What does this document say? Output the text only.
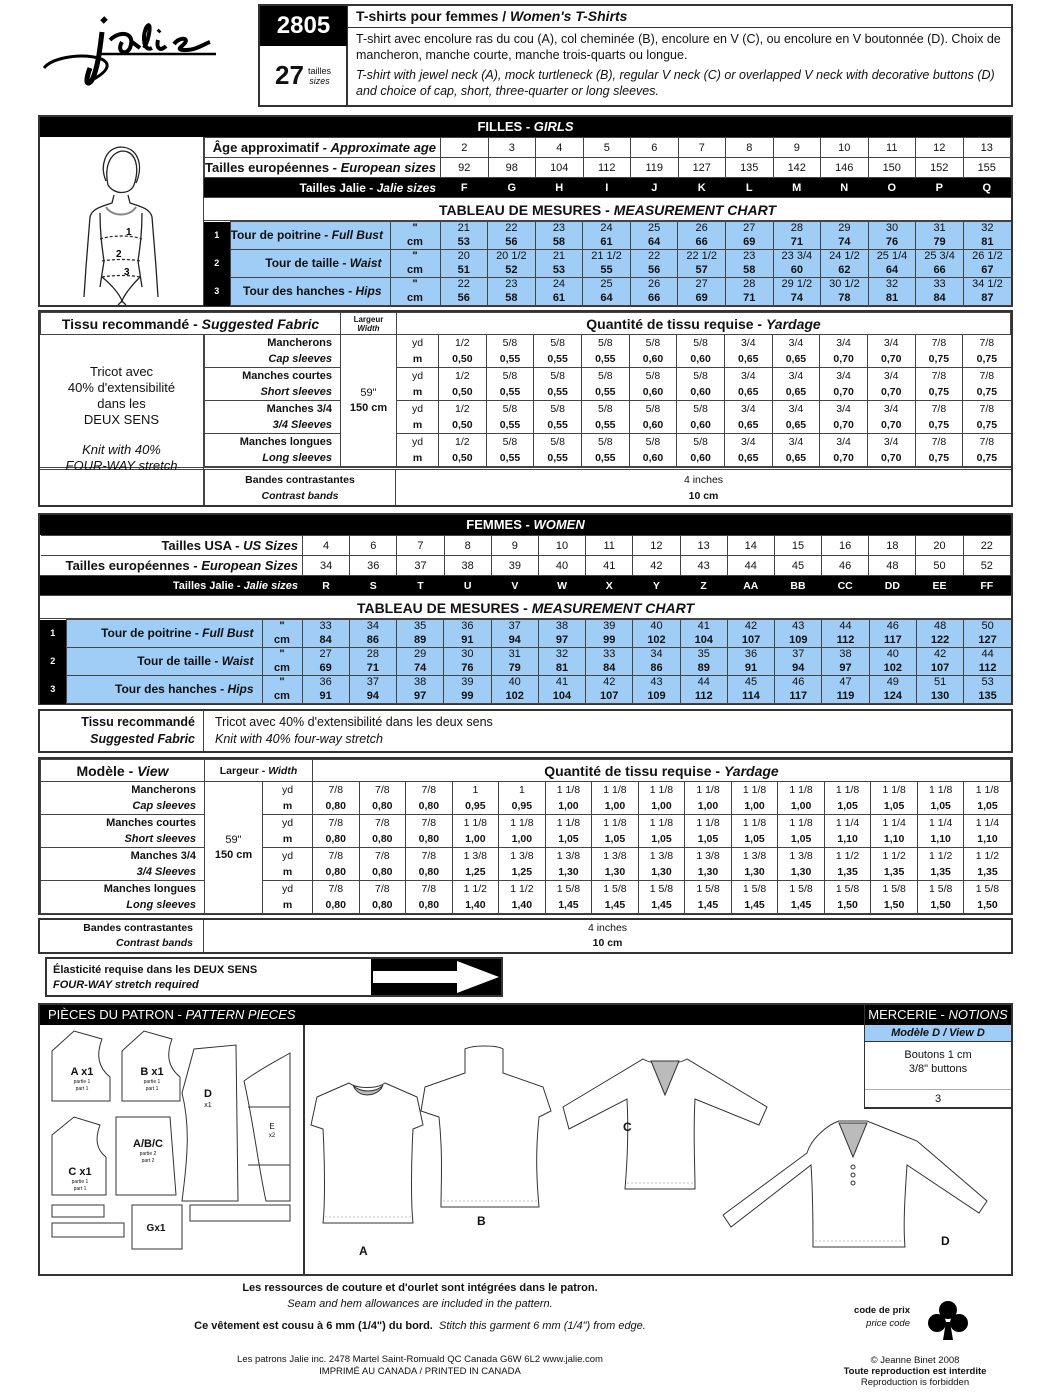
2805
27 tailles
sizes
T-shirts pour femmes / Women's T-Shirts

T-shirt avec encolure ras du cou (A), col cheminée (B), encolure en V (C), ou encolure en V boutonnée (D). Choix de mancheron, manche courte, manche trois-quarts ou longue.

T-shirt with jewel neck (A), mock turtleneck (B), regular V neck (C) or overlapped V neck with decorative buttons (D) and choice of cap, short, three-quarter or long sleeves.

FILLES - GIRLS
1
2
3
Âge approximatif - Approximate age	2	3	4	5	6	7	8	9	10	11	12	13
Tailles européennes - European sizes	92	98	104	112	119	127	135	142	146	150	152	155
Tailles Jalie - Jalie sizes	F	G	H	I	J	K	L	M	N	O	P	Q
TABLEAU DE MESURES - MEASUREMENT CHART
1	Tour de poitrine - Full Bust	"	21	22	23	24	25	26	27	28	29	30	31	32
		cm	53	56	58	61	64	66	69	71	74	76	79	81
2	Tour de taille - Waist	"	20	20 1/2	21	21 1/2	22	22 1/2	23	23 3/4	24 1/2	25 1/4	25 3/4	26 1/2
		cm	51	52	53	55	56	57	58	60	62	64	66	67
3	Tour des hanches - Hips	"	22	23	24	25	26	27	28	29 1/2	30 1/2	32	33	34 1/2
		cm	56	58	61	64	66	69	71	74	78	81	84	87
Tissu recommandé - Suggested Fabric		Largeur
Width	Quantité de tissu requise - Yardage												
	Mancherons
Cap sleeves	59"
150 cm	yd	1/2	5/8	5/8	5/8	5/8	5/8	3/4	3/4	3/4	3/4	7/8	7/8
			m	0,50	0,55	0,55	0,55	0,60	0,60	0,65	0,65	0,70	0,70	0,75	0,75
	Manches courtes
Short sleeves		yd	1/2	5/8	5/8	5/8	5/8	5/8	3/4	3/4	3/4	3/4	7/8	7/8
			m	0,50	0,55	0,55	0,55	0,60	0,60	0,65	0,65	0,70	0,70	0,75	0,75
	Manches 3/4
3/4 Sleeves		yd	1/2	5/8	5/8	5/8	5/8	5/8	3/4	3/4	3/4	3/4	7/8	7/8
			m	0,50	0,55	0,55	0,55	0,60	0,60	0,65	0,65	0,70	0,70	0,75	0,75
	Manches longues
Long sleeves		yd	1/2	5/8	5/8	5/8	5/8	5/8	3/4	3/4	3/4	3/4	7/8	7/8
			m	0,50	0,55	0,55	0,55	0,60	0,60	0,65	0,65	0,70	0,70	0,75	0,75
Bandes contrastantes
Contrast bands
4 inches
10 cm
Tricot avec
40% d'extensibilité
dans les
DEUX SENS
Knit with 40%
FOUR-WAY stretch
FEMMES - WOMEN
Tailles USA - US Sizes	4	6	7	8	9	10	11	12	13	14	15	16	18	20	22
Tailles européennes - European Sizes	34	36	37	38	39	40	41	42	43	44	45	46	48	50	52
Tailles Jalie - Jalie sizes	R	S	T	U	V	W	X	Y	Z	AA	BB	CC	DD	EE	FF
TABLEAU DE MESURES - MEASUREMENT CHART
1	Tour de poitrine - Full Bust	"	33	34	35	36	37	38	39	40	41	42	43	44	46	48	50
		cm	84	86	89	91	94	97	99	102	104	107	109	112	117	122	127
2	Tour de taille - Waist	"	27	28	29	30	31	32	33	34	35	36	37	38	40	42	44
		cm	69	71	74	76	79	81	84	86	89	91	94	97	102	107	112
3	Tour des hanches - Hips	"	36	37	38	39	40	41	42	43	44	45	46	47	49	51	53
		cm	91	94	97	99	102	104	107	109	112	114	117	119	124	130	135
Tissu recommandé
Suggested Fabric
Tricot avec 40% d'extensibilité dans les deux sens
Knit with 40% four-way stretch
Modèle - View	Largeur - Width		Quantité de tissu requise - Yardage														
Mancherons
Cap sleeves	59"
150 cm	yd	7/8	7/8	7/8	1	1	1 1/8	1 1/8	1 1/8	1 1/8	1 1/8	1 1/8	1 1/8	1 1/8	1 1/8	1 1/8
		m	0,80	0,80	0,80	0,95	0,95	1,00	1,00	1,00	1,00	1,00	1,00	1,05	1,05	1,05	1,05
Manches courtes
Short sleeves		yd	7/8	7/8	7/8	1 1/8	1 1/8	1 1/8	1 1/8	1 1/8	1 1/8	1 1/8	1 1/8	1 1/4	1 1/4	1 1/4	1 1/4
		m	0,80	0,80	0,80	1,00	1,00	1,05	1,05	1,05	1,05	1,05	1,05	1,10	1,10	1,10	1,10
Manches 3/4
3/4 Sleeves		yd	7/8	7/8	7/8	1 3/8	1 3/8	1 3/8	1 3/8	1 3/8	1 3/8	1 3/8	1 3/8	1 1/2	1 1/2	1 1/2	1 1/2
		m	0,80	0,80	0,80	1,25	1,25	1,30	1,30	1,30	1,30	1,30	1,30	1,35	1,35	1,35	1,35
Manches longues
Long sleeves		yd	7/8	7/8	7/8	1 1/2	1 1/2	1 5/8	1 5/8	1 5/8	1 5/8	1 5/8	1 5/8	1 5/8	1 5/8	1 5/8	1 5/8
		m	0,80	0,80	0,80	1,40	1,40	1,45	1,45	1,45	1,45	1,45	1,45	1,50	1,50	1,50	1,50
Bandes contrastantes
Contrast bands
4 inches
10 cm
Élasticité requise dans les DEUX SENS
FOUR-WAY stretch required
PIÈCES DU PATRON - PATTERN PIECES
A x1
partie 1
part 1
B x1
partie 1
part 1
C x1
partie 1
part 1
A/B/C
partie 2
part 2
D
x1
E
x2
Gx1
A
B
C
D
MERCERIE - NOTIONS
Modèle D / View D
Boutons 1 cm
3/8" buttons
3
Les ressources de couture et d'ourlet sont intégrées dans le patron.
Seam and hem allowances are included in the pattern.
Ce vêtement est cousu à 6 mm (1/4") du bord. Stitch this garment 6 mm (1/4") from edge.
Les patrons Jalie inc. 2478 Martel Saint-Romuald QC Canada G6W 6L2 www.jalie.com
IMPRIMÉ AU CANADA / PRINTED IN CANADA
code de prix
price code
© Jeanne Binet 2008
Toute reproduction est interdite
Reproduction is forbidden
